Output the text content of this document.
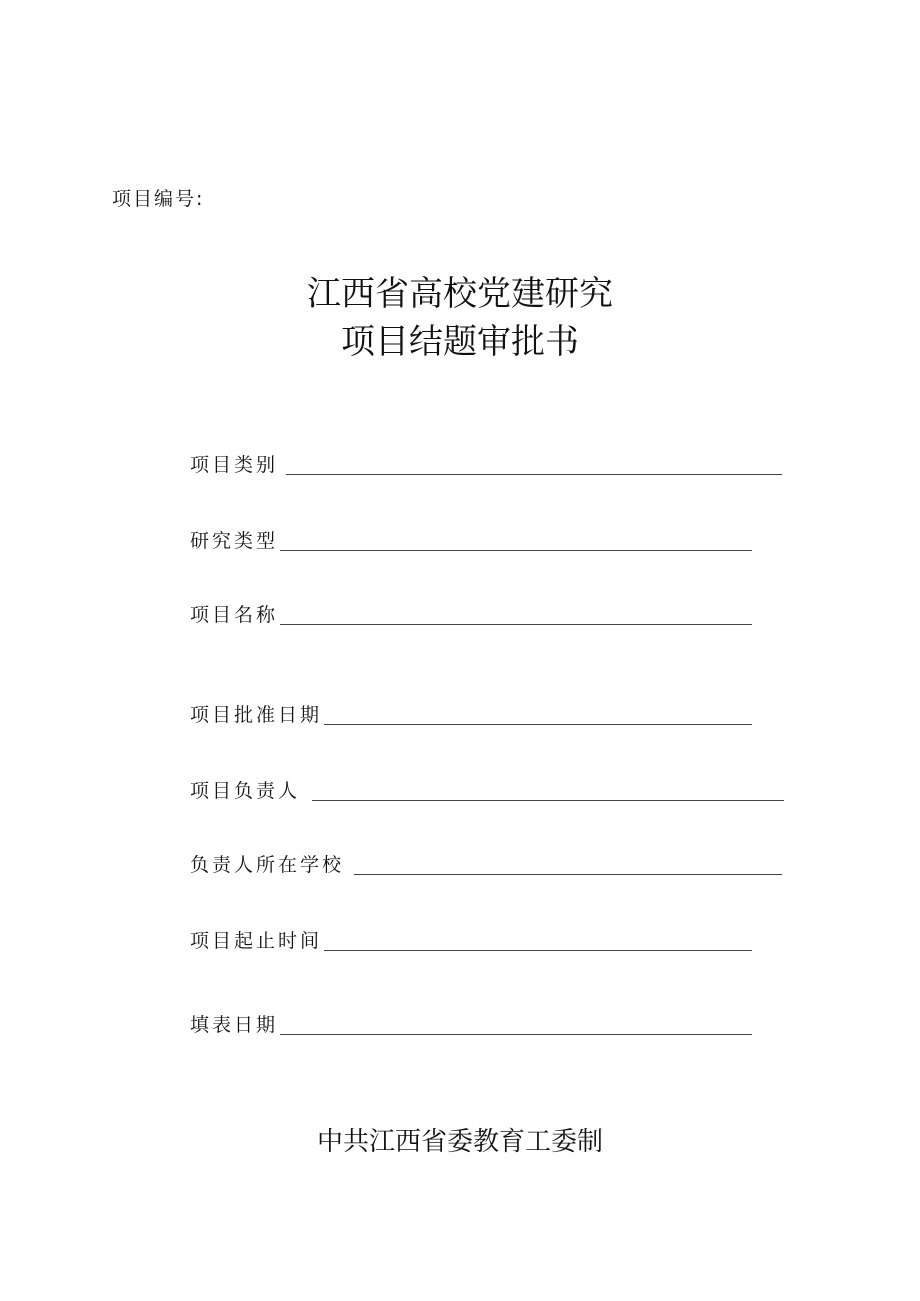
项目编号:
江西省高校党建研究
项目结题审批书
项目类别
研究类型
项目名称
项目批准日期
项目负责人
负责人所在学校
项目起止时间
填表日期
中共江西省委教育工委制
